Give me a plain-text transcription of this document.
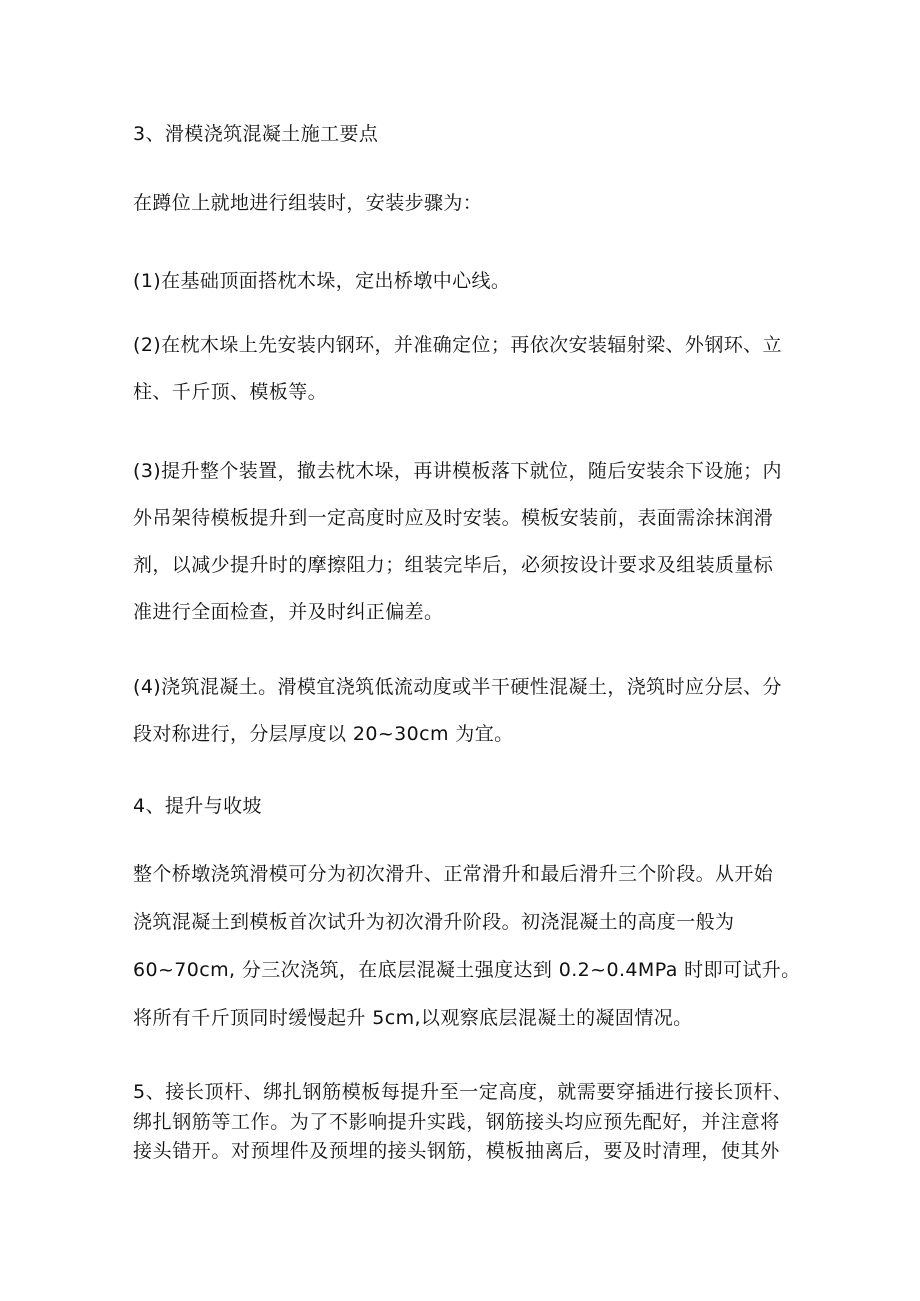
3、滑模浇筑混凝土施工要点
在蹲位上就地进行组装时，安装步骤为：
(1)在基础顶面搭枕木垛，定出桥墩中心线。
(2)在枕木垛上先安装内钢环，并准确定位；再依次安装辐射梁、外钢环、立
柱、千斤顶、模板等。
(3)提升整个装置，撤去枕木垛，再讲模板落下就位，随后安装余下设施；内
外吊架待模板提升到一定高度时应及时安装。模板安装前，表面需涂抹润滑
剂，以减少提升时的摩擦阻力；组装完毕后，必须按设计要求及组装质量标
准进行全面检查，并及时纠正偏差。
(4)浇筑混凝土。滑模宜浇筑低流动度或半干硬性混凝土，浇筑时应分层、分
段对称进行，分层厚度以 20~30cm 为宜。
4、提升与收坡
整个桥墩浇筑滑模可分为初次滑升、正常滑升和最后滑升三个阶段。从开始
浇筑混凝土到模板首次试升为初次滑升阶段。初浇混凝土的高度一般为
60~70cm, 分三次浇筑，在底层混凝土强度达到 0.2~0.4MPa 时即可试升。
将所有千斤顶同时缓慢起升 5cm,以观察底层混凝土的凝固情况。
5、接长顶杆、绑扎钢筋模板每提升至一定高度，就需要穿插进行接长顶杆、
绑扎钢筋等工作。为了不影响提升实践，钢筋接头均应预先配好，并注意将
接头错开。对预埋件及预埋的接头钢筋，模板抽离后，要及时清理，使其外
